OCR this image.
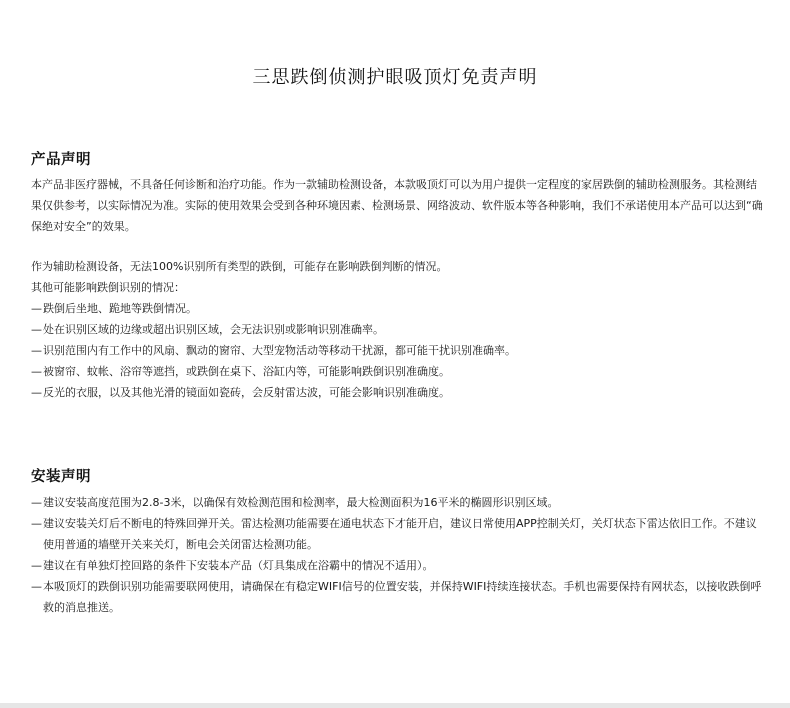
三思跌倒侦测护眼吸顶灯免责声明
产品声明

本产品非医疗器械，不具备任何诊断和治疗功能。作为一款辅助检测设备，本款吸顶灯可以为用户提供一定程度的家居跌倒的辅助检测服务。其检测结果仅供参考，以实际情况为准。实际的使用效果会受到各种环境因素、检测场景、网络波动、软件版本等各种影响，我们不承诺使用本产品可以达到“确保绝对安全”的效果。

作为辅助检测设备，无法100%识别所有类型的跌倒，可能存在影响跌倒判断的情况。

其他可能影响跌倒识别的情况：

— 跌倒后坐地、跪地等跌倒情况。
— 处在识别区域的边缘或超出识别区域，会无法识别或影响识别准确率。
— 识别范围内有工作中的风扇、飘动的窗帘、大型宠物活动等移动干扰源，都可能干扰识别准确率。
— 被窗帘、蚊帐、浴帘等遮挡，或跌倒在桌下、浴缸内等，可能影响跌倒识别准确度。
— 反光的衣服，以及其他光滑的镜面如瓷砖，会反射雷达波，可能会影响识别准确度。
安装声明
— 建议安装高度范围为2.8-3米，以确保有效检测范围和检测率，最大检测面积为16平米的椭圆形识别区域。
— 建议安装关灯后不断电的特殊回弹开关。雷达检测功能需要在通电状态下才能开启，建议日常使用APP控制关灯，关灯状态下雷达依旧工作。不建议使用普通的墙壁开关来关灯，断电会关闭雷达检测功能。
— 建议在有单独灯控回路的条件下安装本产品（灯具集成在浴霸中的情况不适用）。
— 本吸顶灯的跌倒识别功能需要联网使用，请确保在有稳定WIFI信号的位置安装，并保持WIFI持续连接状态。手机也需要保持有网状态，以接收跌倒呼救的消息推送。
